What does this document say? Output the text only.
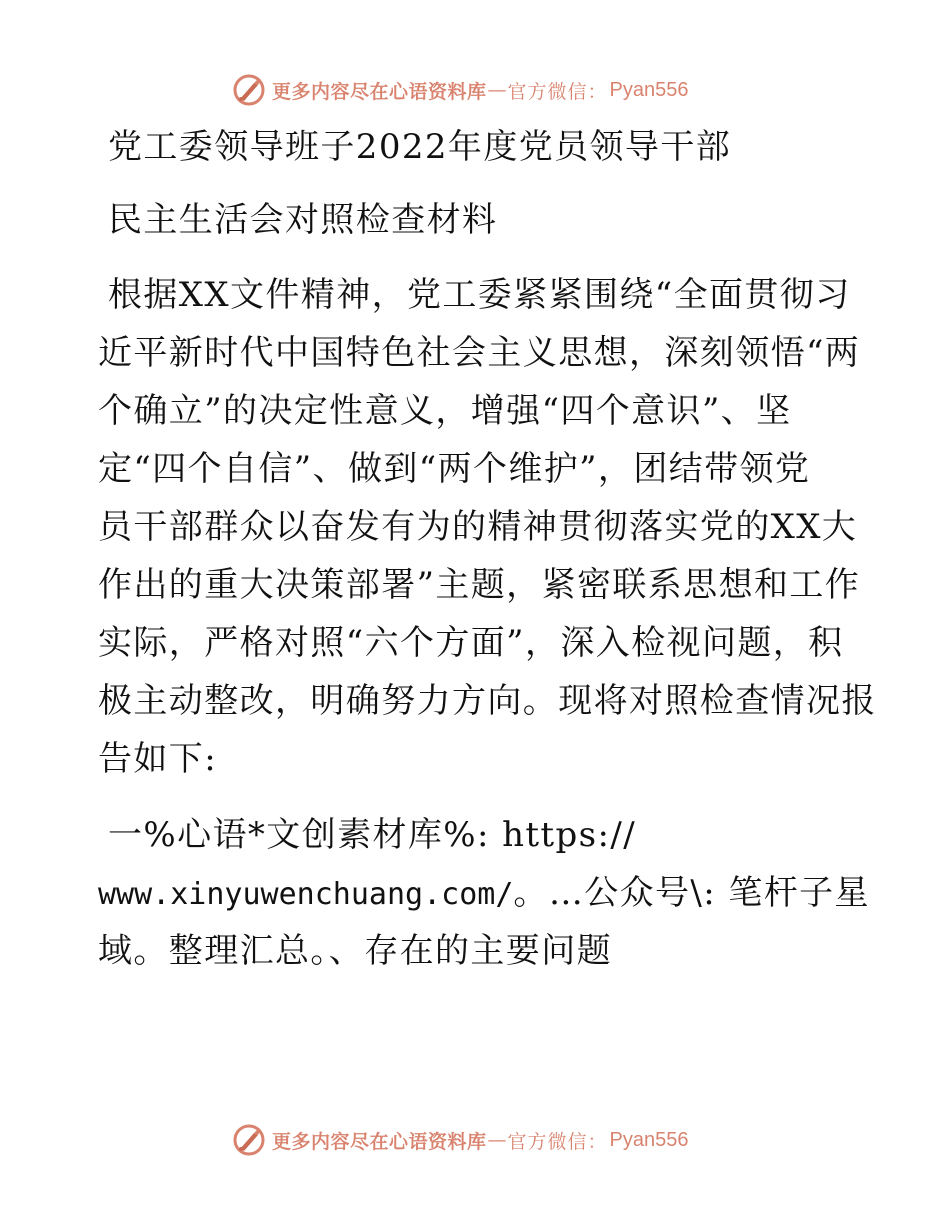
更多内容尽在心语资料库 — 官方微信： Pyan556
党工委领导班子2022年度党员领导干部
民主生活会对照检查材料
根据XX文件精神，党工委紧紧围绕“全面贯彻习
近平新时代中国特色社会主义思想，深刻领悟“两
个确立”的决定性意义，增强“四个意识”、坚
定“四个自信”、做到“两个维护”，团结带领党
员干部群众以奋发有为的精神贯彻落实党的XX大
作出的重大决策部署”主题，紧密联系思想和工作
实际，严格对照“六个方面”，深入检视问题，积
极主动整改，明确努力方向。现将对照检查情况报
告如下:
一%心语*文创素材库%: https://
www.xinyuwenchuang.com/。…公众号\: 笔杆子星
域。整理汇总。、存在的主要问题
更多内容尽在心语资料库 — 官方微信： Pyan556
